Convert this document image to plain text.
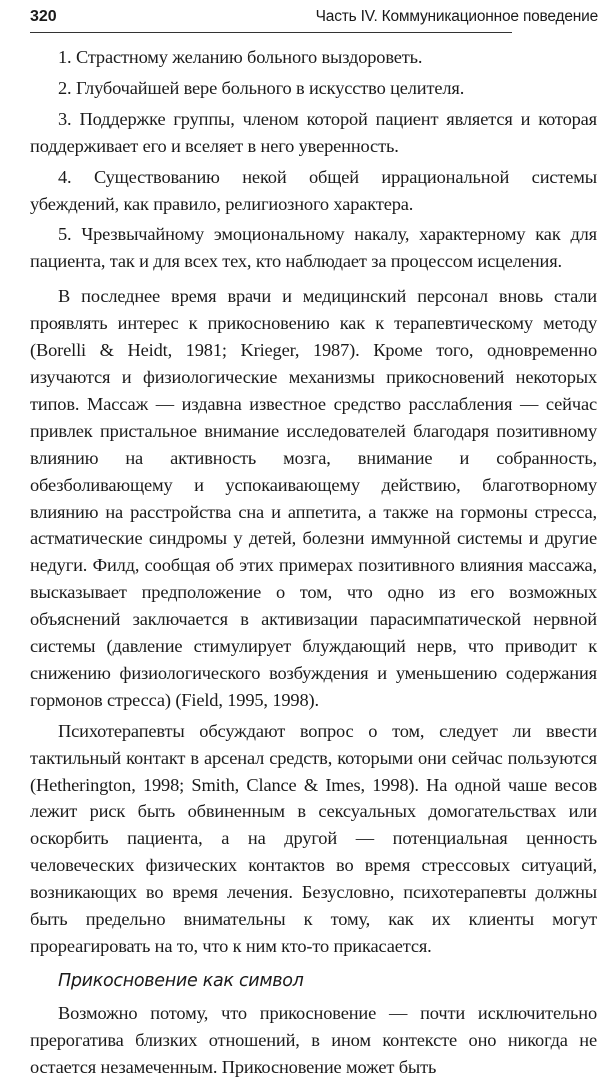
320	Часть IV. Коммуникационное поведение

1. Страстному желанию больного выздороветь.

2. Глубочайшей вере больного в искусство целителя.

3. Поддержке группы, членом которой пациент является и которая поддерживает его и вселяет в него уверенность.

4. Существованию некой общей иррациональной системы убеждений, как правило, религиозного характера.

5. Чрезвычайному эмоциональному накалу, характерному как для пациента, так и для всех тех, кто наблюдает за процессом исцеления.

В последнее время врачи и медицинский персонал вновь стали проявлять интерес к прикосновению как к терапевтическому методу (Borelli & Heidt, 1981; Krieger, 1987). Кроме того, одновременно изучаются и физиологические механизмы прикосновений некоторых типов. Массаж — издавна известное средство расслабления — сейчас привлек пристальное внимание исследователей благодаря позитивному влиянию на активность мозга, внимание и собранность, обезболивающему и успокаивающему действию, благотворному влиянию на расстройства сна и аппетита, а также на гормоны стресса, астматические синдромы у детей, болезни иммунной системы и другие недуги. Филд, сообщая об этих примерах позитивного влияния массажа, высказывает предположение о том, что одно из его возможных объяснений заключается в активизации парасимпатической нервной системы (давление стимулирует блуждающий нерв, что приводит к снижению физиологического возбуждения и уменьшению содержания гормонов стресса) (Field, 1995, 1998).

Психотерапевты обсуждают вопрос о том, следует ли ввести тактильный контакт в арсенал средств, которыми они сейчас пользуются (Hetherington, 1998; Smith, Clance & Imes, 1998). На одной чаше весов лежит риск быть обвиненным в сексуальных домогательствах или оскорбить пациента, а на другой — потенциальная ценность человеческих физических контактов во время стрессовых ситуаций, возникающих во время лечения. Безусловно, психотерапевты должны быть предельно внимательны к тому, как их клиенты могут прореагировать на то, что к ним кто-то прикасается.

Прикосновение как символ

Возможно потому, что прикосновение — почти исключительно прерогатива близких отношений, в ином контексте оно никогда не остается незамеченным. Прикосновение может быть
